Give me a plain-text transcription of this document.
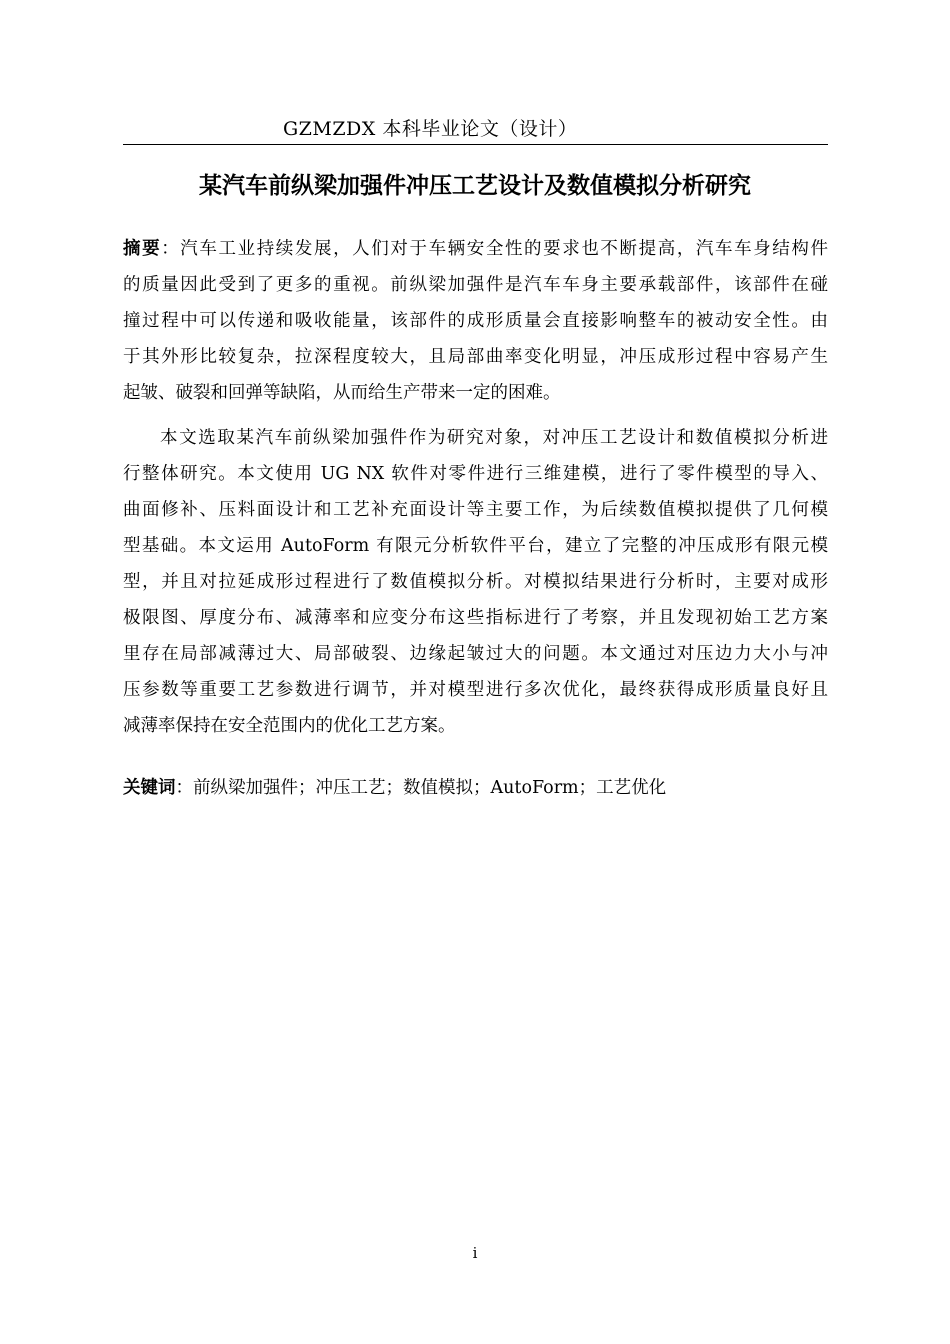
GZMZDX 本科毕业论文（设计）
某汽车前纵梁加强件冲压工艺设计及数值模拟分析研究
摘要：汽车工业持续发展，人们对于车辆安全性的要求也不断提高，汽车车身结构件
的质量因此受到了更多的重视。前纵梁加强件是汽车车身主要承载部件，该部件在碰
撞过程中可以传递和吸收能量，该部件的成形质量会直接影响整车的被动安全性。由
于其外形比较复杂，拉深程度较大，且局部曲率变化明显，冲压成形过程中容易产生
起皱、破裂和回弹等缺陷，从而给生产带来一定的困难。
本文选取某汽车前纵梁加强件作为研究对象，对冲压工艺设计和数值模拟分析进
行整体研究。本文使用 UG NX 软件对零件进行三维建模，进行了零件模型的导入、
曲面修补、压料面设计和工艺补充面设计等主要工作，为后续数值模拟提供了几何模
型基础。本文运用 AutoForm 有限元分析软件平台，建立了完整的冲压成形有限元模
型，并且对拉延成形过程进行了数值模拟分析。对模拟结果进行分析时，主要对成形
极限图、厚度分布、减薄率和应变分布这些指标进行了考察，并且发现初始工艺方案
里存在局部减薄过大、局部破裂、边缘起皱过大的问题。本文通过对压边力大小与冲
压参数等重要工艺参数进行调节，并对模型进行多次优化，最终获得成形质量良好且
减薄率保持在安全范围内的优化工艺方案。
关键词：前纵梁加强件；冲压工艺；数值模拟；AutoForm；工艺优化
i
